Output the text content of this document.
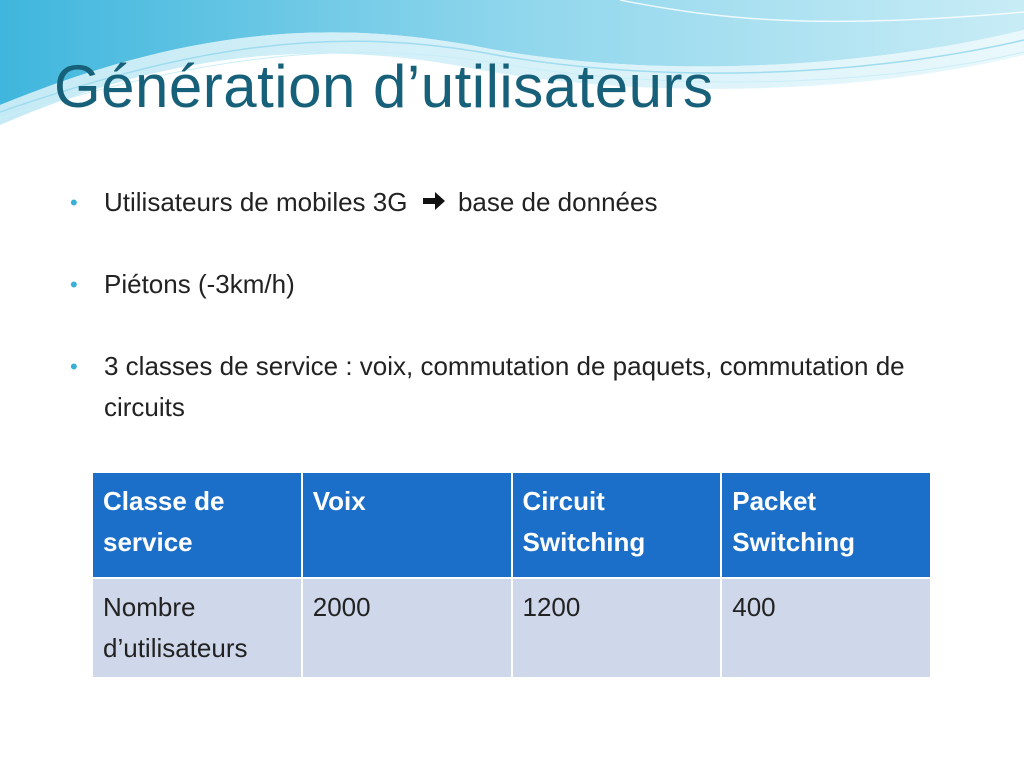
Génération d’utilisateurs
• Utilisateurs de mobiles 3G base de données
• Piétons (-3km/h)
• 3 classes de service : voix, commutation de paquets, commutation de circuits
Classe de service	Voix	Circuit Switching	Packet Switching
Nombre d’utilisateurs	2000	1200	400
